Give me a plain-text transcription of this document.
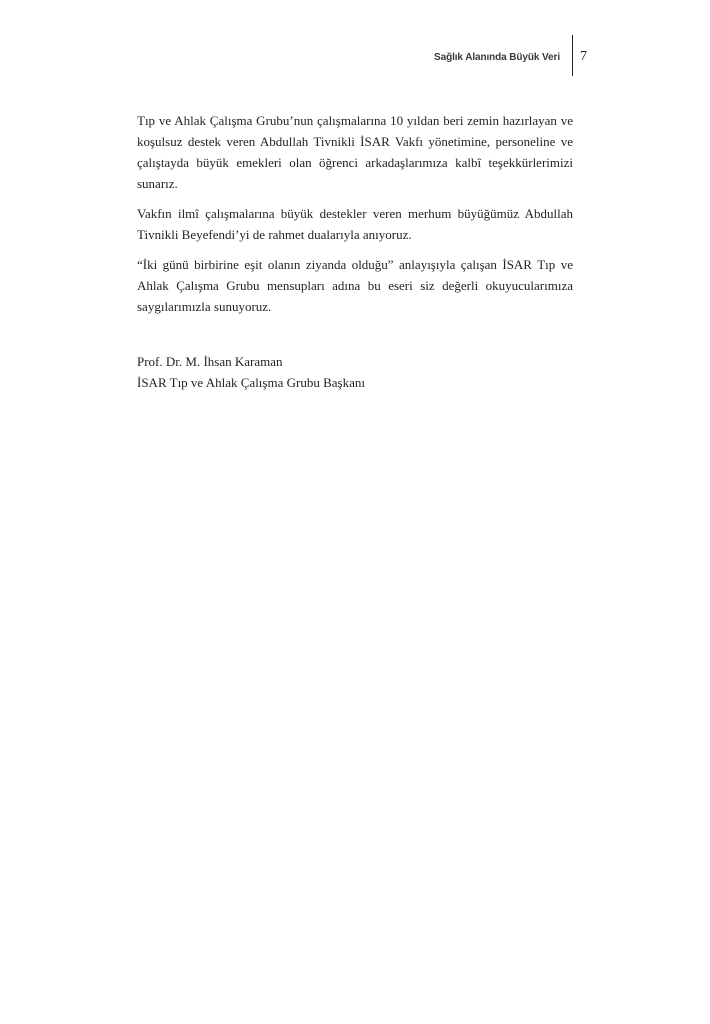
Sağlık Alanında Büyük Veri 7

Tıp ve Ahlak Çalışma Grubu’nun çalışmalarına 10 yıldan beri zemin hazırlayan ve koşulsuz destek veren Abdullah Tivnikli İSAR Vakfı yönetimine, personeline ve çalıştayda büyük emekleri olan öğrenci arkadaşlarımıza kalbî teşekkürlerimizi sunarız.

Vakfın ilmî çalışmalarına büyük destekler veren merhum büyüğümüz Abdullah Tivnikli Beyefendi’yi de rahmet dualarıyla anıyoruz.

“İki günü birbirine eşit olanın ziyanda olduğu” anlayışıyla çalışan İSAR Tıp ve Ahlak Çalışma Grubu mensupları adına bu eseri siz değerli okuyucularımıza saygılarımızla sunuyoruz.

Prof. Dr. M. İhsan Karaman
İSAR Tıp ve Ahlak Çalışma Grubu Başkanı
